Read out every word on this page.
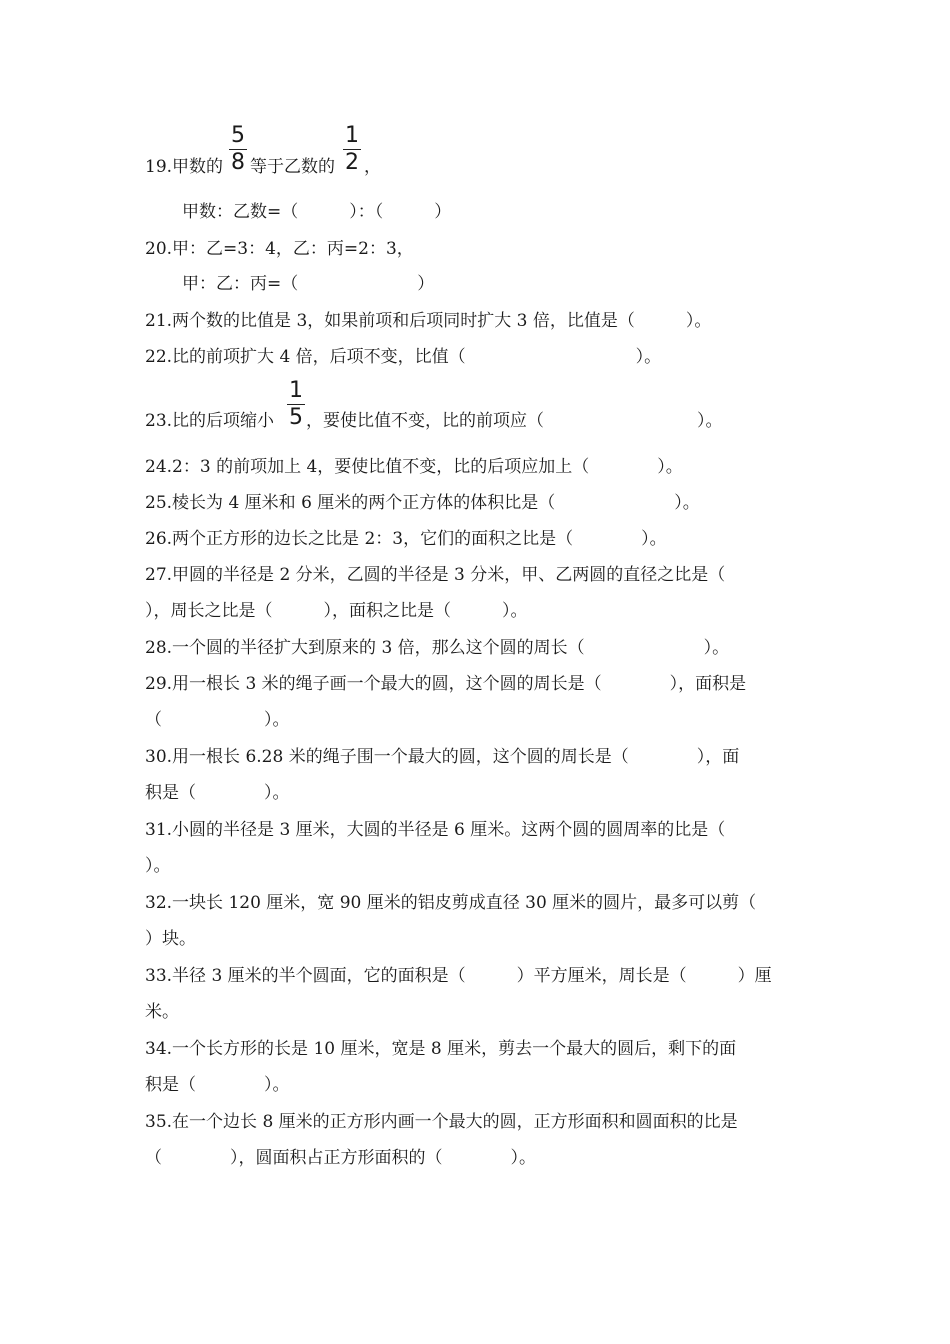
19.甲数的
5
8 等于乙数的
1
2 ，
甲数：乙数=（　　　）：（　　　）
20.甲：乙=3：4，乙：丙=2：3，
甲：乙：丙=（　　　　　　　）
21.两个数的比值是 3，如果前项和后项同时扩大 3 倍，比值是（　　　）。
22.比的前项扩大 4 倍，后项不变，比值（　　　　　　　　　　）。
23.比的后项缩小
1
5 ，要使比值不变，比的前项应（　　　　　　　　　）。
24.2：3 的前项加上 4，要使比值不变，比的后项应加上（　　　　）。
25.棱长为 4 厘米和 6 厘米的两个正方体的体积比是（　　　　　　　）。
26.两个正方形的边长之比是 2：3，它们的面积之比是（　　　　）。
27.甲圆的半径是 2 分米，乙圆的半径是 3 分米，甲、乙两圆的直径之比是（
），周长之比是（　　　），面积之比是（　　　）。
28.一个圆的半径扩大到原来的 3 倍，那么这个圆的周长（　　　　　　　）。
29.用一根长 3 米的绳子画一个最大的圆，这个圆的周长是（　　　　），面积是
（　　　　　　）。
30.用一根长 6.28 米的绳子围一个最大的圆，这个圆的周长是（　　　　），面
积是（　　　　）。
31.小圆的半径是 3 厘米，大圆的半径是 6 厘米。这两个圆的圆周率的比是（
）。
32.一块长 120 厘米，宽 90 厘米的铝皮剪成直径 30 厘米的圆片，最多可以剪（
）块。
33.半径 3 厘米的半个圆面，它的面积是（　　　）平方厘米，周长是（　　　）厘
米。
34.一个长方形的长是 10 厘米，宽是 8 厘米，剪去一个最大的圆后，剩下的面
积是（　　　　）。
35.在一个边长 8 厘米的正方形内画一个最大的圆，正方形面积和圆面积的比是
（　　　　），圆面积占正方形面积的（　　　　）。
